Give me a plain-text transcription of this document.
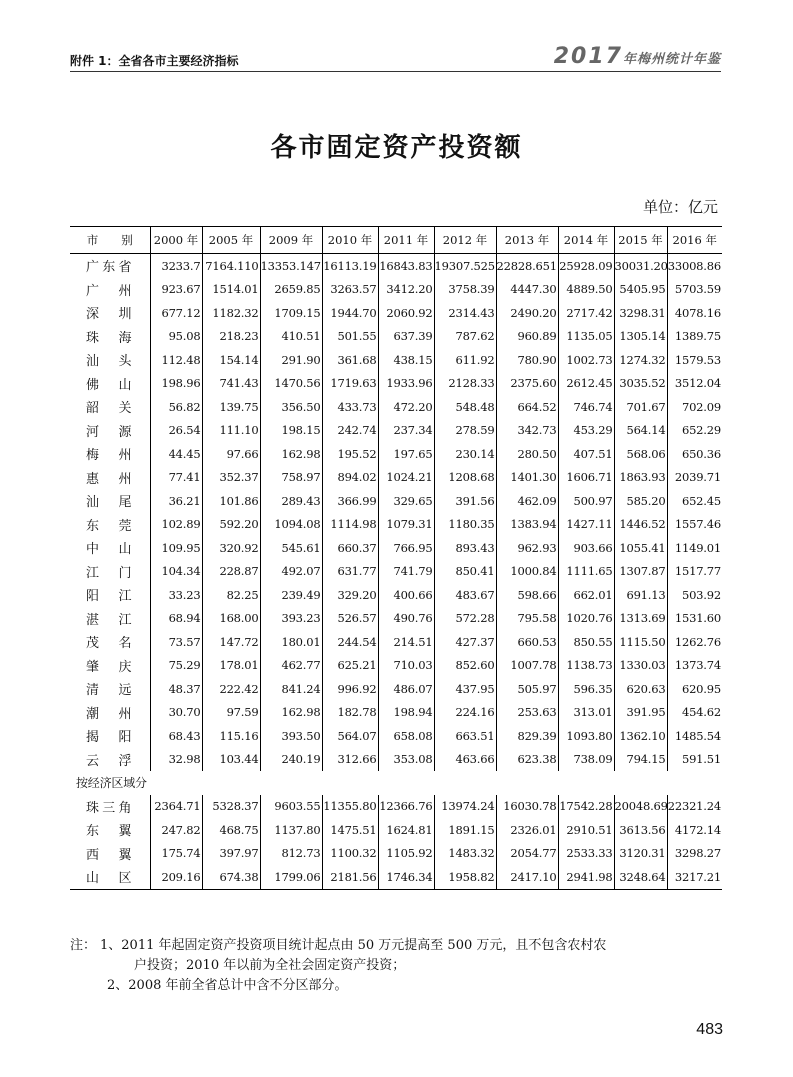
附件 1：全省各市主要经济指标	2017年梅州统计年鉴
各市固定资产投资额
单位：亿元
市　　别	2000 年	2005 年	2009 年	2010 年	2011 年	2012 年	2013 年	2014 年	2015 年	2016 年
广东省	3233.7	7164.110	13353.147	16113.19	16843.83	19307.525	22828.651	25928.09	30031.20	33008.86
广州	923.67	1514.01	2659.85	3263.57	3412.20	3758.39	4447.30	4889.50	5405.95	5703.59
深圳	677.12	1182.32	1709.15	1944.70	2060.92	2314.43	2490.20	2717.42	3298.31	4078.16
珠海	95.08	218.23	410.51	501.55	637.39	787.62	960.89	1135.05	1305.14	1389.75
汕头	112.48	154.14	291.90	361.68	438.15	611.92	780.90	1002.73	1274.32	1579.53
佛山	198.96	741.43	1470.56	1719.63	1933.96	2128.33	2375.60	2612.45	3035.52	3512.04
韶关	56.82	139.75	356.50	433.73	472.20	548.48	664.52	746.74	701.67	702.09
河源	26.54	111.10	198.15	242.74	237.34	278.59	342.73	453.29	564.14	652.29
梅州	44.45	97.66	162.98	195.52	197.65	230.14	280.50	407.51	568.06	650.36
惠州	77.41	352.37	758.97	894.02	1024.21	1208.68	1401.30	1606.71	1863.93	2039.71
汕尾	36.21	101.86	289.43	366.99	329.65	391.56	462.09	500.97	585.20	652.45
东莞	102.89	592.20	1094.08	1114.98	1079.31	1180.35	1383.94	1427.11	1446.52	1557.46
中山	109.95	320.92	545.61	660.37	766.95	893.43	962.93	903.66	1055.41	1149.01
江门	104.34	228.87	492.07	631.77	741.79	850.41	1000.84	1111.65	1307.87	1517.77
阳江	33.23	82.25	239.49	329.20	400.66	483.67	598.66	662.01	691.13	503.92
湛江	68.94	168.00	393.23	526.57	490.76	572.28	795.58	1020.76	1313.69	1531.60
茂名	73.57	147.72	180.01	244.54	214.51	427.37	660.53	850.55	1115.50	1262.76
肇庆	75.29	178.01	462.77	625.21	710.03	852.60	1007.78	1138.73	1330.03	1373.74
清远	48.37	222.42	841.24	996.92	486.07	437.95	505.97	596.35	620.63	620.95
潮州	30.70	97.59	162.98	182.78	198.94	224.16	253.63	313.01	391.95	454.62
揭阳	68.43	115.16	393.50	564.07	658.08	663.51	829.39	1093.80	1362.10	1485.54
云浮	32.98	103.44	240.19	312.66	353.08	463.66	623.38	738.09	794.15	591.51
按经济区域分										
珠三角	2364.71	5328.37	9603.55	11355.80	12366.76	13974.24	16030.78	17542.28	20048.69	22321.24
东翼	247.82	468.75	1137.80	1475.51	1624.81	1891.15	2326.01	2910.51	3613.56	4172.14
西翼	175.74	397.97	812.73	1100.32	1105.92	1483.32	2054.77	2533.33	3120.31	3298.27
山区	209.16	674.38	1799.06	2181.56	1746.34	1958.82	2417.10	2941.98	3248.64	3217.21
注： 1、2011 年起固定资产投资项目统计起点由 50 万元提高至 500 万元，且不包含农村农
户投资；2010 年以前为全社会固定资产投资；
2、2008 年前全省总计中含不分区部分。
483
